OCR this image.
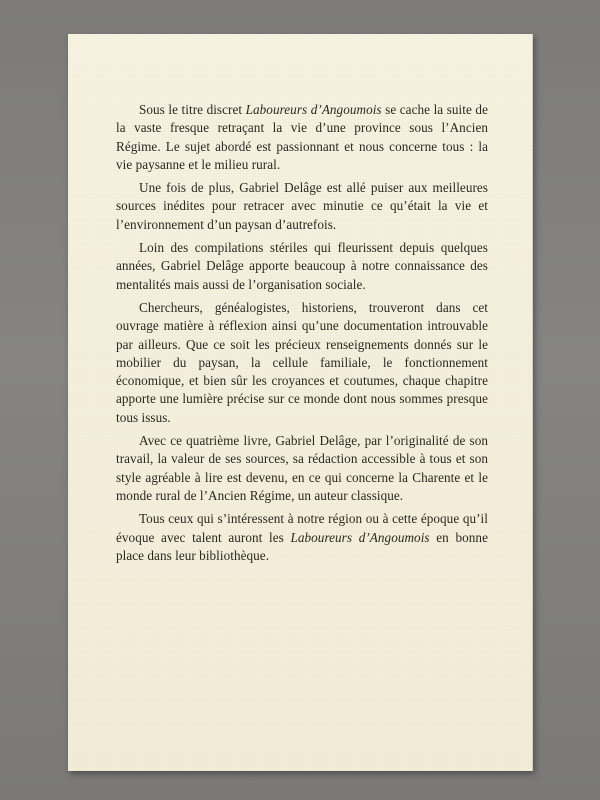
Sous le titre discret Laboureurs d’Angoumois se cache la suite de la vaste fresque retraçant la vie d’une province sous l’Ancien Régime. Le sujet abordé est passionnant et nous concerne tous : la vie paysanne et le milieu rural.

Une fois de plus, Gabriel Delâge est allé puiser aux meilleures sources inédites pour retracer avec minutie ce qu’était la vie et l’environnement d’un paysan d’autrefois.

Loin des compilations stériles qui fleurissent depuis quelques années, Gabriel Delâge apporte beaucoup à notre connaissance des mentalités mais aussi de l’organisation sociale.

Chercheurs, généalogistes, historiens, trouveront dans cet ouvrage matière à réflexion ainsi qu’une documentation introuvable par ailleurs. Que ce soit les précieux renseignements donnés sur le mobilier du paysan, la cellule familiale, le fonctionnement économique, et bien sûr les croyances et coutumes, chaque chapitre apporte une lumière précise sur ce monde dont nous sommes presque tous issus.

Avec ce quatrième livre, Gabriel Delâge, par l’originalité de son travail, la valeur de ses sources, sa rédaction accessible à tous et son style agréable à lire est devenu, en ce qui concerne la Charente et le monde rural de l’Ancien Régime, un auteur classique.

Tous ceux qui s’intéressent à notre région ou à cette époque qu’il évoque avec talent auront les Laboureurs d’Angoumois en bonne place dans leur bibliothèque.
